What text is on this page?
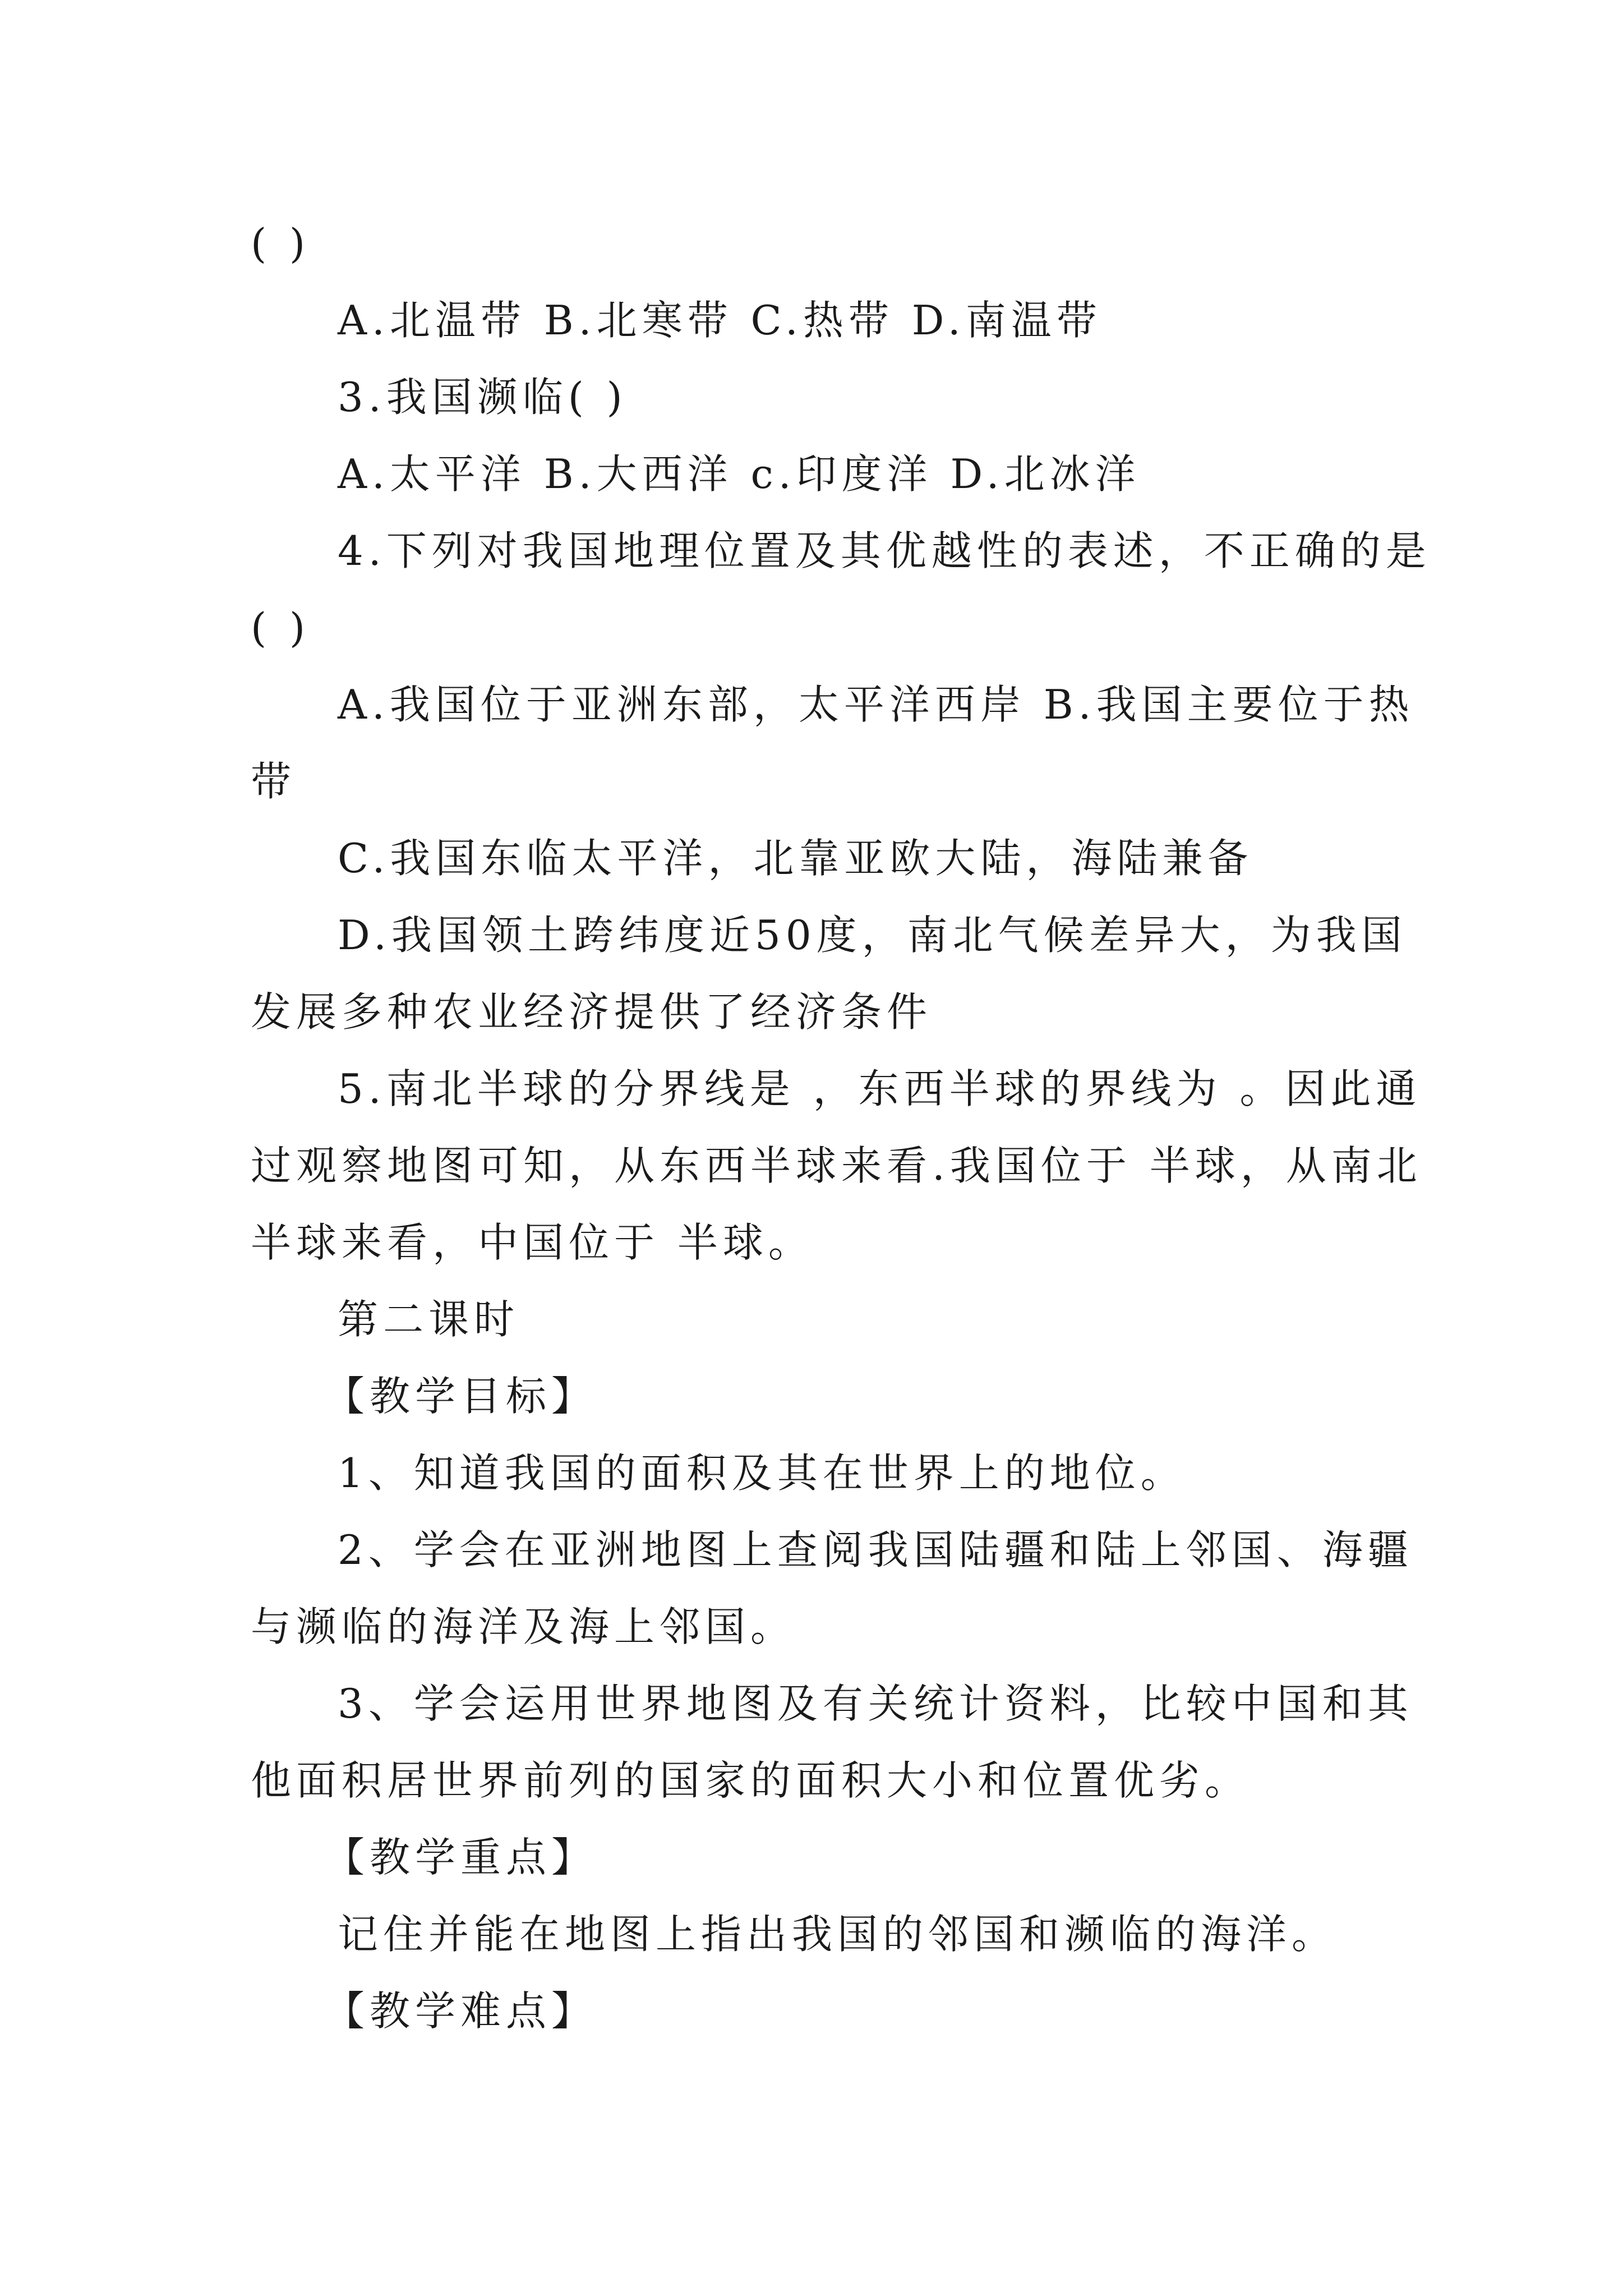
( )
A.北温带 B.北寒带 C.热带 D.南温带
3.我国濒临( )
A.太平洋 B.大西洋 c.印度洋 D.北冰洋
4.下列对我国地理位置及其优越性的表述，不正确的是
( )
A.我国位于亚洲东部，太平洋西岸 B.我国主要位于热
带
C.我国东临太平洋，北靠亚欧大陆，海陆兼备
D.我国领土跨纬度近50度，南北气候差异大，为我国
发展多种农业经济提供了经济条件
5.南北半球的分界线是 ，东西半球的界线为 。因此通
过观察地图可知，从东西半球来看.我国位于 半球，从南北
半球来看，中国位于 半球。
第二课时
【教学目标】
1、知道我国的面积及其在世界上的地位。
2、学会在亚洲地图上查阅我国陆疆和陆上邻国、海疆
与濒临的海洋及海上邻国。
3、学会运用世界地图及有关统计资料，比较中国和其
他面积居世界前列的国家的面积大小和位置优劣。
【教学重点】
记住并能在地图上指出我国的邻国和濒临的海洋。
【教学难点】
